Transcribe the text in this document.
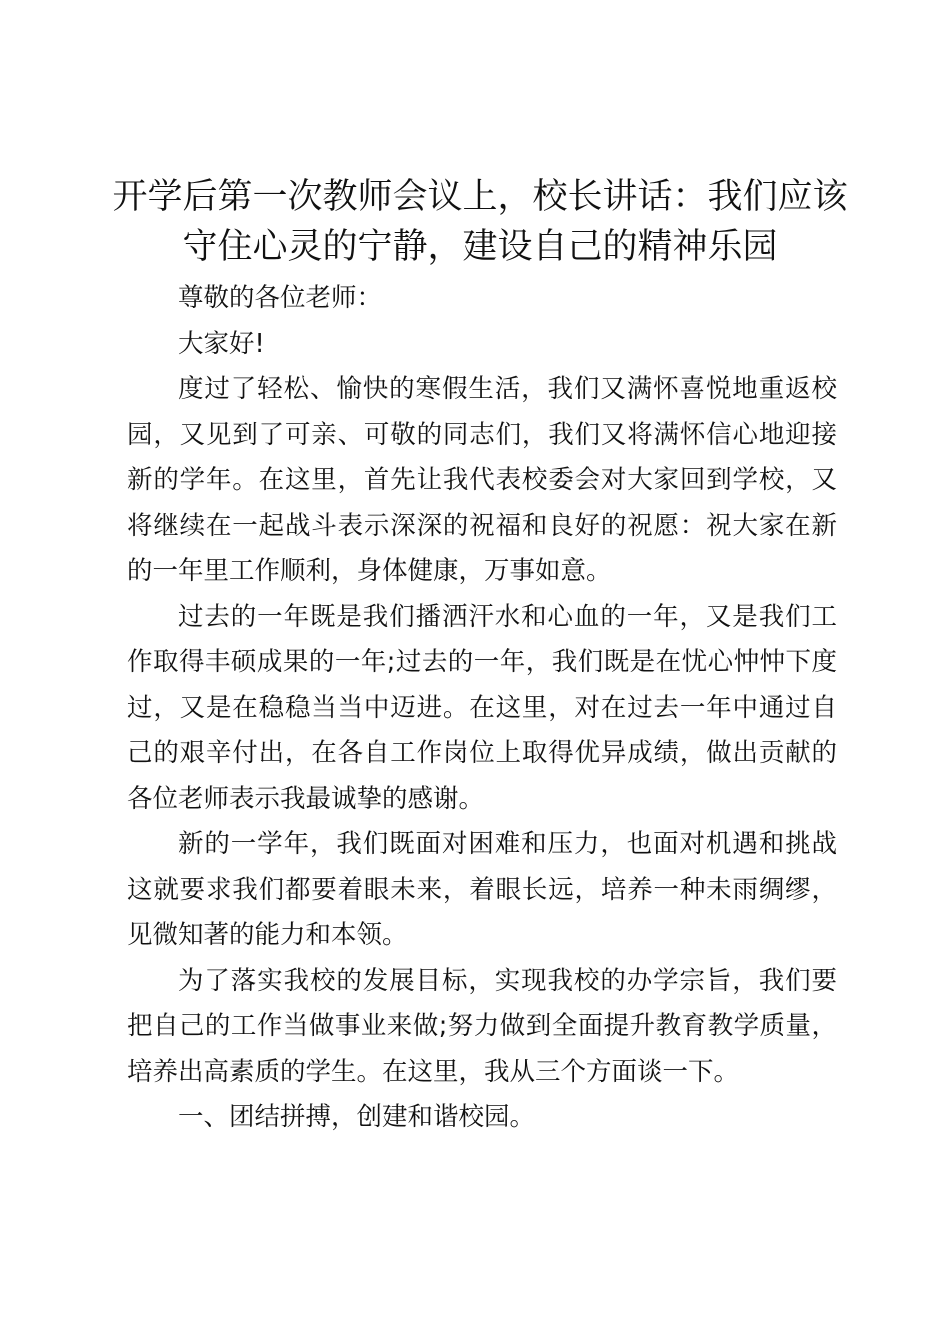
开学后第一次教师会议上，校长讲话：我们应该守住心灵的宁静，建设自己的精神乐园

尊敬的各位老师：

大家好!

度过了轻松、愉快的寒假生活，我们又满怀喜悦地重返校园，又见到了可亲、可敬的同志们，我们又将满怀信心地迎接新的学年。在这里，首先让我代表校委会对大家回到学校，又将继续在一起战斗表示深深的祝福和良好的祝愿：祝大家在新的一年里工作顺利，身体健康，万事如意。

过去的一年既是我们播洒汗水和心血的一年，又是我们工作取得丰硕成果的一年;过去的一年，我们既是在忧心忡忡下度过，又是在稳稳当当中迈进。在这里，对在过去一年中通过自己的艰辛付出，在各自工作岗位上取得优异成绩，做出贡献的各位老师表示我最诚挚的感谢。

新的一学年，我们既面对困难和压力，也面对机遇和挑战这就要求我们都要着眼未来，着眼长远，培养一种未雨绸缪，见微知著的能力和本领。

为了落实我校的发展目标，实现我校的办学宗旨，我们要把自己的工作当做事业来做;努力做到全面提升教育教学质量，培养出高素质的学生。在这里，我从三个方面谈一下。

一、团结拼搏，创建和谐校园。
